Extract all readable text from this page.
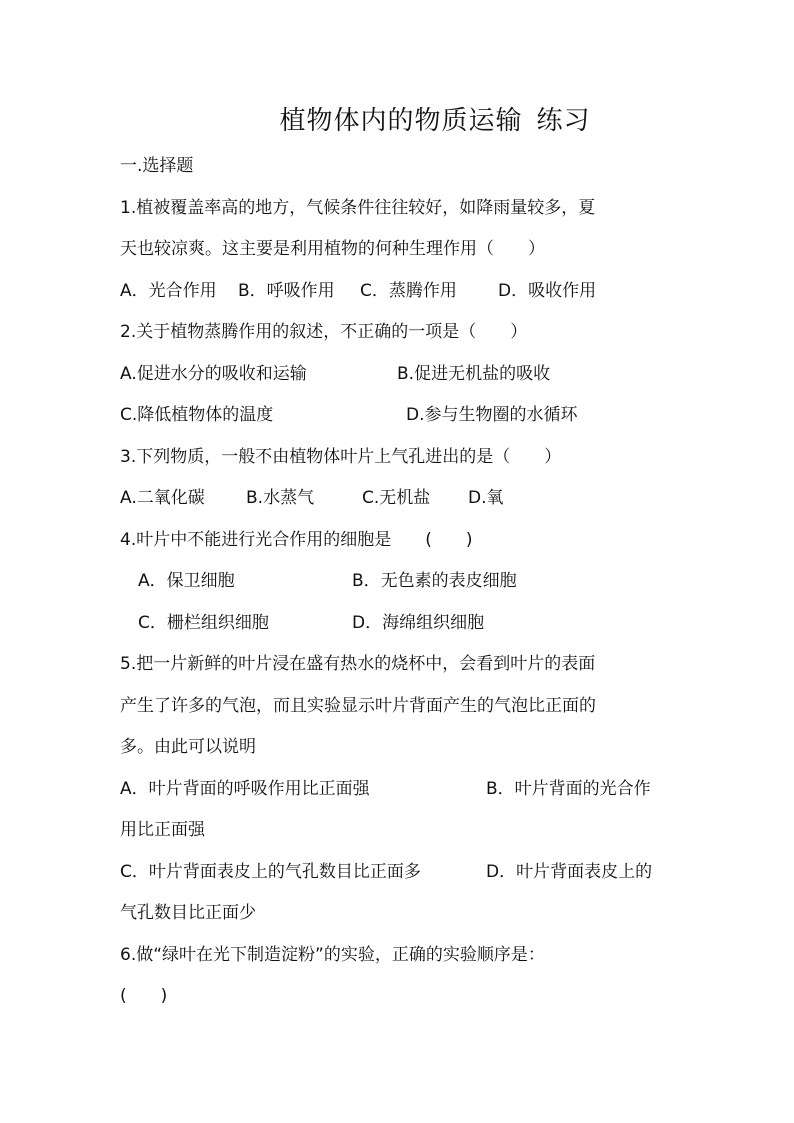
植物体内的物质运输 练习
一.选择题
1.植被覆盖率高的地方，气候条件往往较好，如降雨量较多，夏
天也较凉爽。这主要是利用植物的何种生理作用（　　）
A．光合作用 B．呼吸作用 C．蒸腾作用 D．吸收作用
2.关于植物蒸腾作用的叙述，不正确的一项是（　　）
A.促进水分的吸收和运输	B.促进无机盐的吸收
C.降低植物体的温度	D.参与生物圈的水循环
3.下列物质，一般不由植物体叶片上气孔进出的是（　　）
A.二氧化碳 B.水蒸气	C.无机盐 D.氧
4.叶片中不能进行光合作用的细胞是　　(　　)
A．保卫细胞	B．无色素的表皮细胞
C．栅栏组织细胞	D．海绵组织细胞
5.把一片新鲜的叶片浸在盛有热水的烧杯中，会看到叶片的表面
产生了许多的气泡，而且实验显示叶片背面产生的气泡比正面的
多。由此可以说明
A．叶片背面的呼吸作用比正面强	B．叶片背面的光合作
用比正面强
C．叶片背面表皮上的气孔数目比正面多	D．叶片背面表皮上的
气孔数目比正面少
6.做“绿叶在光下制造淀粉”的实验，正确的实验顺序是：
(　　)
